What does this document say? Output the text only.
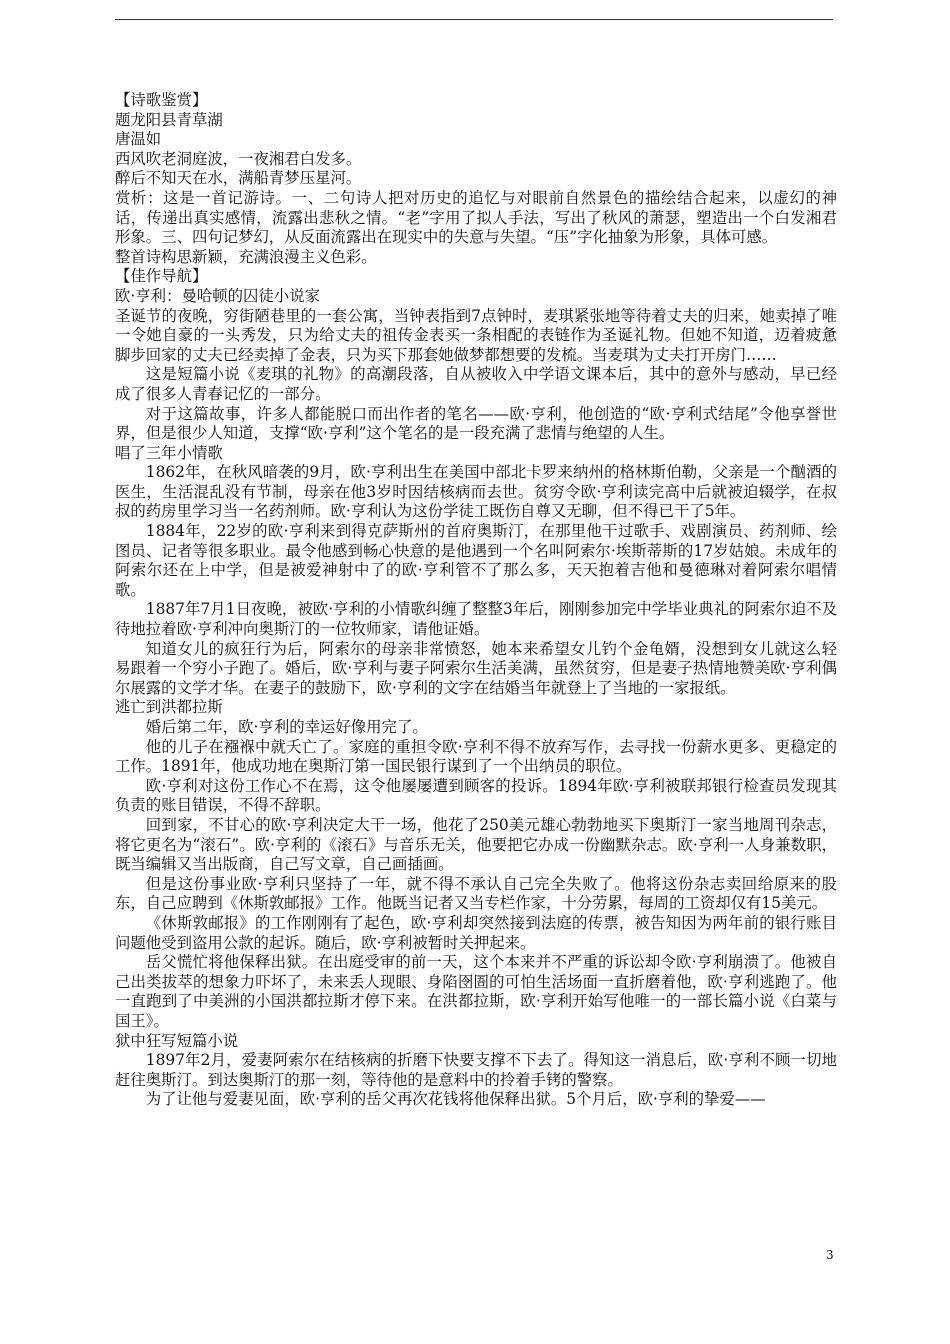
【诗歌鉴赏】
题龙阳县青草湖
唐温如
西风吹老洞庭波，一夜湘君白发多。
醉后不知天在水，满船青梦压星河。
赏析：这是一首记游诗。一、二句诗人把对历史的追忆与对眼前自然景色的描绘结合起来，以虚幻的神话，传递出真实感情，流露出悲秋之情。“老”字用了拟人手法，写出了秋风的萧瑟，塑造出一个白发湘君形象。三、四句记梦幻，从反面流露出在现实中的失意与失望。“压”字化抽象为形象，具体可感。
整首诗构思新颖，充满浪漫主义色彩。
【佳作导航】
欧·亨利：曼哈顿的囚徒小说家
圣诞节的夜晚，穷街陋巷里的一套公寓，当钟表指到7点钟时，麦琪紧张地等待着丈夫的归来，她卖掉了唯一令她自豪的一头秀发，只为给丈夫的祖传金表买一条相配的表链作为圣诞礼物。但她不知道，迈着疲惫脚步回家的丈夫已经卖掉了金表，只为买下那套她做梦都想要的发梳。当麦琪为丈夫打开房门……
这是短篇小说《麦琪的礼物》的高潮段落，自从被收入中学语文课本后，其中的意外与感动，早已经成了很多人青春记忆的一部分。
对于这篇故事，许多人都能脱口而出作者的笔名——欧·亨利，他创造的“欧·亨利式结尾”令他享誉世界，但是很少人知道，支撑“欧·亨利”这个笔名的是一段充满了悲情与绝望的人生。
唱了三年小情歌
1862年，在秋风暗袭的9月，欧·亨利出生在美国中部北卡罗来纳州的格林斯伯勒，父亲是一个酗酒的医生，生活混乱没有节制，母亲在他3岁时因结核病而去世。贫穷令欧·亨利读完高中后就被迫辍学，在叔叔的药房里学习当一名药剂师。欧·亨利认为这份学徒工既伤自尊又无聊，但不得已干了5年。
1884年，22岁的欧·亨利来到得克萨斯州的首府奥斯汀，在那里他干过歌手、戏剧演员、药剂师、绘图员、记者等很多职业。最令他感到畅心快意的是他遇到一个名叫阿索尔·埃斯蒂斯的17岁姑娘。未成年的阿索尔还在上中学，但是被爱神射中了的欧·亨利管不了那么多，天天抱着吉他和曼德琳对着阿索尔唱情歌。
1887年7月1日夜晚，被欧·亨利的小情歌纠缠了整整3年后，刚刚参加完中学毕业典礼的阿索尔迫不及待地拉着欧·亨利冲向奥斯汀的一位牧师家，请他证婚。
知道女儿的疯狂行为后，阿索尔的母亲非常愤怒，她本来希望女儿钓个金龟婿，没想到女儿就这么轻易跟着一个穷小子跑了。婚后，欧·亨利与妻子阿索尔生活美满，虽然贫穷，但是妻子热情地赞美欧·亨利偶尔展露的文学才华。在妻子的鼓励下，欧·亨利的文字在结婚当年就登上了当地的一家报纸。
逃亡到洪都拉斯
婚后第二年，欧·亨利的幸运好像用完了。
他的儿子在襁褓中就夭亡了。家庭的重担令欧·亨利不得不放弃写作，去寻找一份薪水更多、更稳定的工作。1891年，他成功地在奥斯汀第一国民银行谋到了一个出纳员的职位。
欧·亨利对这份工作心不在焉，这令他屡屡遭到顾客的投诉。1894年欧·亨利被联邦银行检查员发现其负责的账目错误，不得不辞职。
回到家，不甘心的欧·亨利决定大干一场，他花了250美元雄心勃勃地买下奥斯汀一家当地周刊杂志，将它更名为“滚石”。欧·亨利的《滚石》与音乐无关，他要把它办成一份幽默杂志。欧·亨利一人身兼数职，既当编辑又当出版商，自己写文章，自己画插画。
但是这份事业欧·亨利只坚持了一年，就不得不承认自己完全失败了。他将这份杂志卖回给原来的股东，自己应聘到《休斯敦邮报》工作。他既当记者又当专栏作家，十分劳累，每周的工资却仅有15美元。
《休斯敦邮报》的工作刚刚有了起色，欧·亨利却突然接到法庭的传票，被告知因为两年前的银行账目问题他受到盗用公款的起诉。随后，欧·亨利被暂时关押起来。
岳父慌忙将他保释出狱。在出庭受审的前一天，这个本来并不严重的诉讼却令欧·亨利崩溃了。他被自己出类拔萃的想象力吓坏了，未来丢人现眼、身陷囹圄的可怕生活场面一直折磨着他，欧·亨利逃跑了。他一直跑到了中美洲的小国洪都拉斯才停下来。在洪都拉斯，欧·亨利开始写他唯一的一部长篇小说《白菜与国王》。
狱中狂写短篇小说
1897年2月，爱妻阿索尔在结核病的折磨下快要支撑不下去了。得知这一消息后，欧·亨利不顾一切地赶往奥斯汀。到达奥斯汀的那一刻，等待他的是意料中的拎着手铐的警察。
为了让他与爱妻见面，欧·亨利的岳父再次花钱将他保释出狱。5个月后，欧·亨利的挚爱——
3
